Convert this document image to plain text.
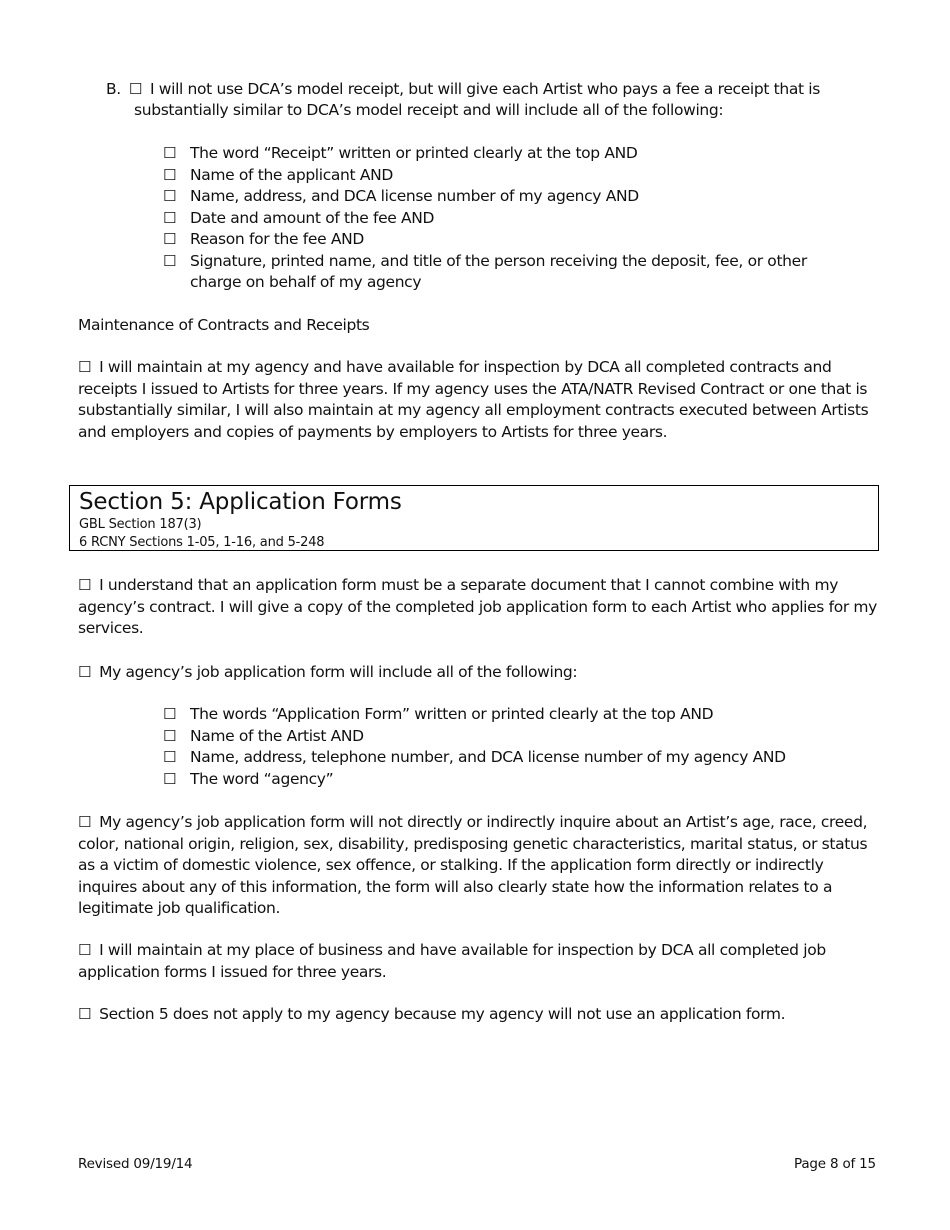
B. ☐ I will not use DCA’s model receipt, but will give each Artist who pays a fee a receipt that is
substantially similar to DCA’s model receipt and will include all of the following:
☐ The word “Receipt” written or printed clearly at the top AND
☐ Name of the applicant AND
☐ Name, address, and DCA license number of my agency AND
☐ Date and amount of the fee AND
☐ Reason for the fee AND
☐ Signature, printed name, and title of the person receiving the deposit, fee, or other charge on behalf of my agency
Maintenance of Contracts and Receipts
☐ I will maintain at my agency and have available for inspection by DCA all completed contracts and receipts I issued to Artists for three years. If my agency uses the ATA/NATR Revised Contract or one that is substantially similar, I will also maintain at my agency all employment contracts executed between Artists and employers and copies of payments by employers to Artists for three years.
Section 5: Application Forms
GBL Section 187(3)
6 RCNY Sections 1-05, 1-16, and 5-248
☐ I understand that an application form must be a separate document that I cannot combine with my agency’s contract. I will give a copy of the completed job application form to each Artist who applies for my services.
☐ My agency’s job application form will include all of the following:
☐ The words “Application Form” written or printed clearly at the top AND
☐ Name of the Artist AND
☐ Name, address, telephone number, and DCA license number of my agency AND
☐ The word “agency”
☐ My agency’s job application form will not directly or indirectly inquire about an Artist’s age, race, creed, color, national origin, religion, sex, disability, predisposing genetic characteristics, marital status, or status as a victim of domestic violence, sex offence, or stalking. If the application form directly or indirectly inquires about any of this information, the form will also clearly state how the information relates to a legitimate job qualification.
☐ I will maintain at my place of business and have available for inspection by DCA all completed job application forms I issued for three years.
☐ Section 5 does not apply to my agency because my agency will not use an application form.
Revised 09/19/14	Page 8 of 15
